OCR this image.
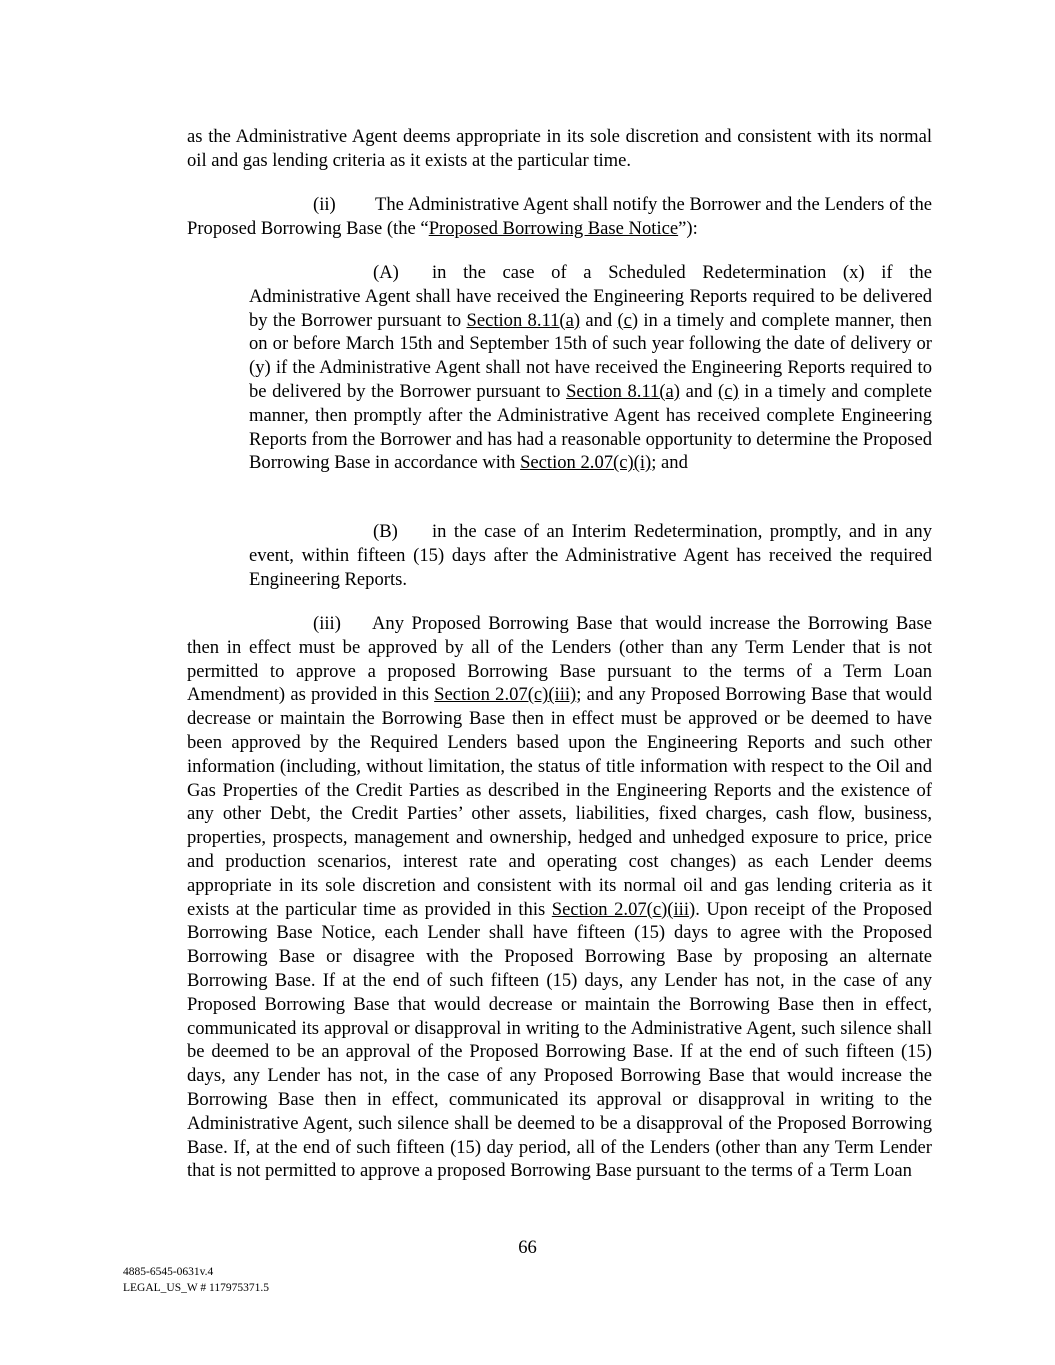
as the Administrative Agent deems appropriate in its sole discretion and consistent with its normal oil and gas lending criteria as it exists at the particular time.

(ii) The Administrative Agent shall notify the Borrower and the Lenders of the Proposed Borrowing Base (the “Proposed Borrowing Base Notice”):

(A) in the case of a Scheduled Redetermination (x) if the Administrative Agent shall have received the Engineering Reports required to be delivered by the Borrower pursuant to Section 8.11(a) and (c) in a timely and complete manner, then on or before March 15th and September 15th of such year following the date of delivery or (y) if the Administrative Agent shall not have received the Engineering Reports required to be delivered by the Borrower pursuant to Section 8.11(a) and (c) in a timely and complete manner, then promptly after the Administrative Agent has received complete Engineering Reports from the Borrower and has had a reasonable opportunity to determine the Proposed Borrowing Base in accordance with Section 2.07(c)(i); and

(B) in the case of an Interim Redetermination, promptly, and in any event, within fifteen (15) days after the Administrative Agent has received the required Engineering Reports.

(iii) Any Proposed Borrowing Base that would increase the Borrowing Base then in effect must be approved by all of the Lenders (other than any Term Lender that is not permitted to approve a proposed Borrowing Base pursuant to the terms of a Term Loan Amendment) as provided in this Section 2.07(c)(iii); and any Proposed Borrowing Base that would decrease or maintain the Borrowing Base then in effect must be approved or be deemed to have been approved by the Required Lenders based upon the Engineering Reports and such other information (including, without limitation, the status of title information with respect to the Oil and Gas Properties of the Credit Parties as described in the Engineering Reports and the existence of any other Debt, the Credit Parties’ other assets, liabilities, fixed charges, cash flow, business, properties, prospects, management and ownership, hedged and unhedged exposure to price, price and production scenarios, interest rate and operating cost changes) as each Lender deems appropriate in its sole discretion and consistent with its normal oil and gas lending criteria as it exists at the particular time as provided in this Section 2.07(c)(iii). Upon receipt of the Proposed Borrowing Base Notice, each Lender shall have fifteen (15) days to agree with the Proposed Borrowing Base or disagree with the Proposed Borrowing Base by proposing an alternate Borrowing Base. If at the end of such fifteen (15) days, any Lender has not, in the case of any Proposed Borrowing Base that would decrease or maintain the Borrowing Base then in effect, communicated its approval or disapproval in writing to the Administrative Agent, such silence shall be deemed to be an approval of the Proposed Borrowing Base. If at the end of such fifteen (15) days, any Lender has not, in the case of any Proposed Borrowing Base that would increase the Borrowing Base then in effect, communicated its approval or disapproval in writing to the Administrative Agent, such silence shall be deemed to be a disapproval of the Proposed Borrowing Base. If, at the end of such fifteen (15) day period, all of the Lenders (other than any Term Lender that is not permitted to approve a proposed Borrowing Base pursuant to the terms of a Term Loan

66
4885-6545-0631v.4
LEGAL_US_W # 117975371.5
